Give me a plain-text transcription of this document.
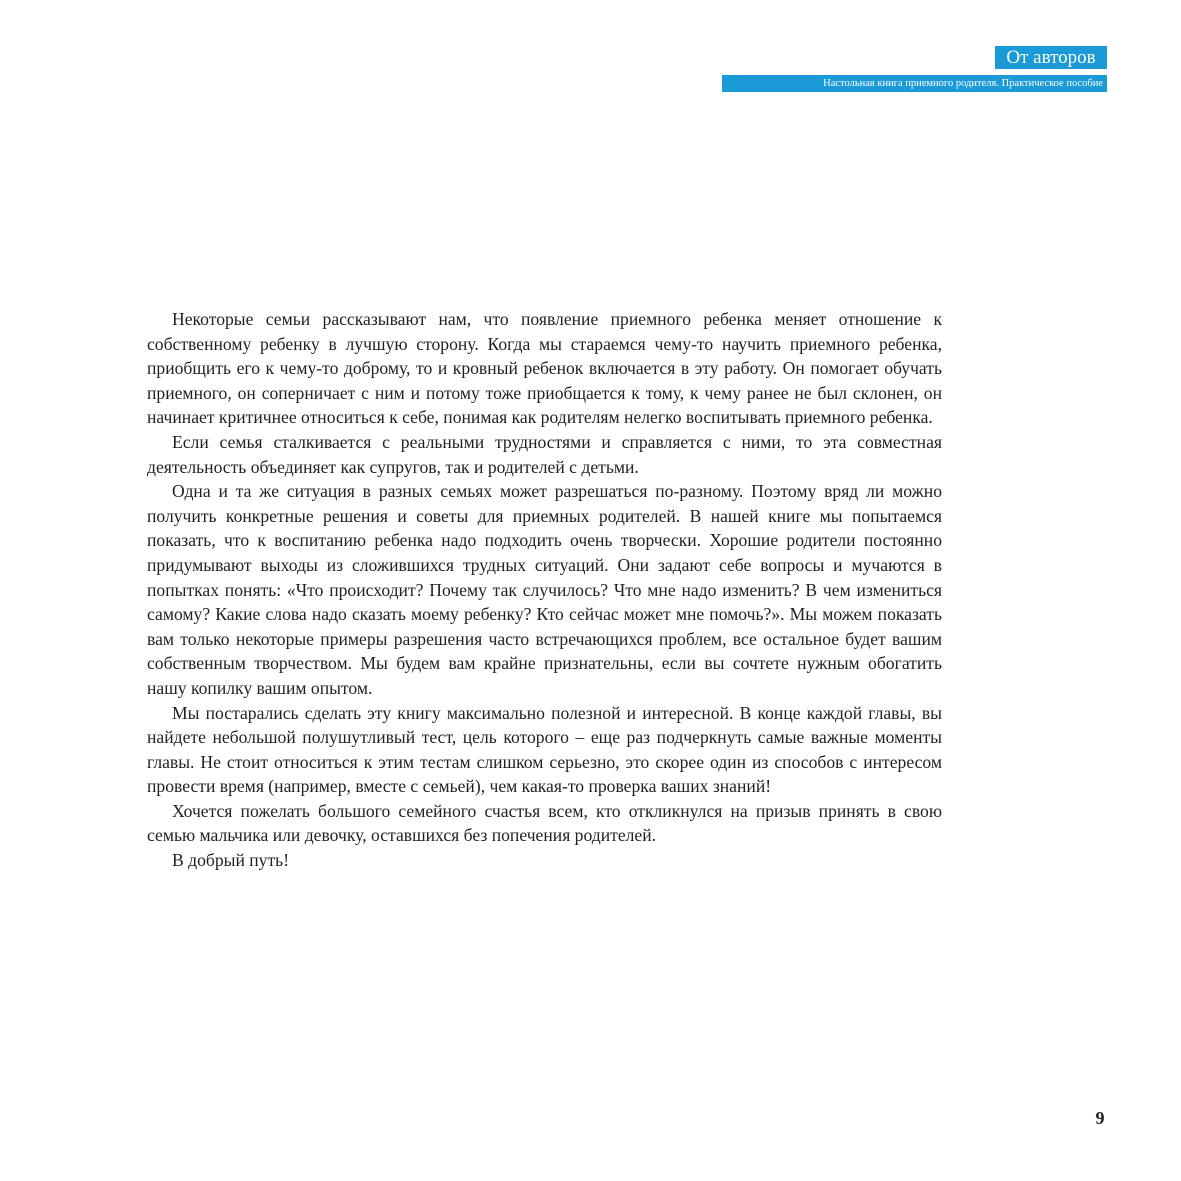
От авторов
Настольная книга приемного родителя. Практическое пособие

Некоторые семьи рассказывают нам, что появление приемного ребенка меняет отношение к собственному ребенку в лучшую сторону. Когда мы стараемся чему-то научить приемного ребенка, приобщить его к чему-то доброму, то и кровный ребенок включается в эту работу. Он помогает обучать приемного, он соперничает с ним и потому тоже приобщается к тому, к чему ранее не был склонен, он начинает критичнее относиться к себе, понимая как родителям нелегко воспитывать приемного ребенка.

Если семья сталкивается с реальными трудностями и справляется с ними, то эта совместная деятельность объединяет как супругов, так и родителей с детьми.

Одна и та же ситуация в разных семьях может разрешаться по-разному. Поэтому вряд ли можно получить конкретные решения и советы для приемных родителей. В нашей книге мы попытаемся показать, что к воспитанию ребенка надо подходить очень творчески. Хорошие родители постоянно придумывают выходы из сложившихся трудных ситуаций. Они задают себе вопросы и мучаются в попытках понять: «Что происходит? Почему так случилось? Что мне надо изменить? В чем измениться самому? Какие слова надо сказать моему ребенку? Кто сейчас может мне помочь?». Мы можем показать вам только некоторые примеры разрешения часто встречающихся проблем, все остальное будет вашим собственным творчеством. Мы будем вам крайне признательны, если вы сочтете нужным обогатить нашу копилку вашим опытом.

Мы постарались сделать эту книгу максимально полезной и интересной. В конце каждой главы, вы найдете небольшой полушутливый тест, цель которого – еще раз подчеркнуть самые важные моменты главы. Не стоит относиться к этим тестам слишком серьезно, это скорее один из способов с интересом провести время (например, вместе с семьей), чем какая-то проверка ваших знаний!

Хочется пожелать большого семейного счастья всем, кто откликнулся на призыв принять в свою семью мальчика или девочку, оставшихся без попечения родителей.

В добрый путь!

9
